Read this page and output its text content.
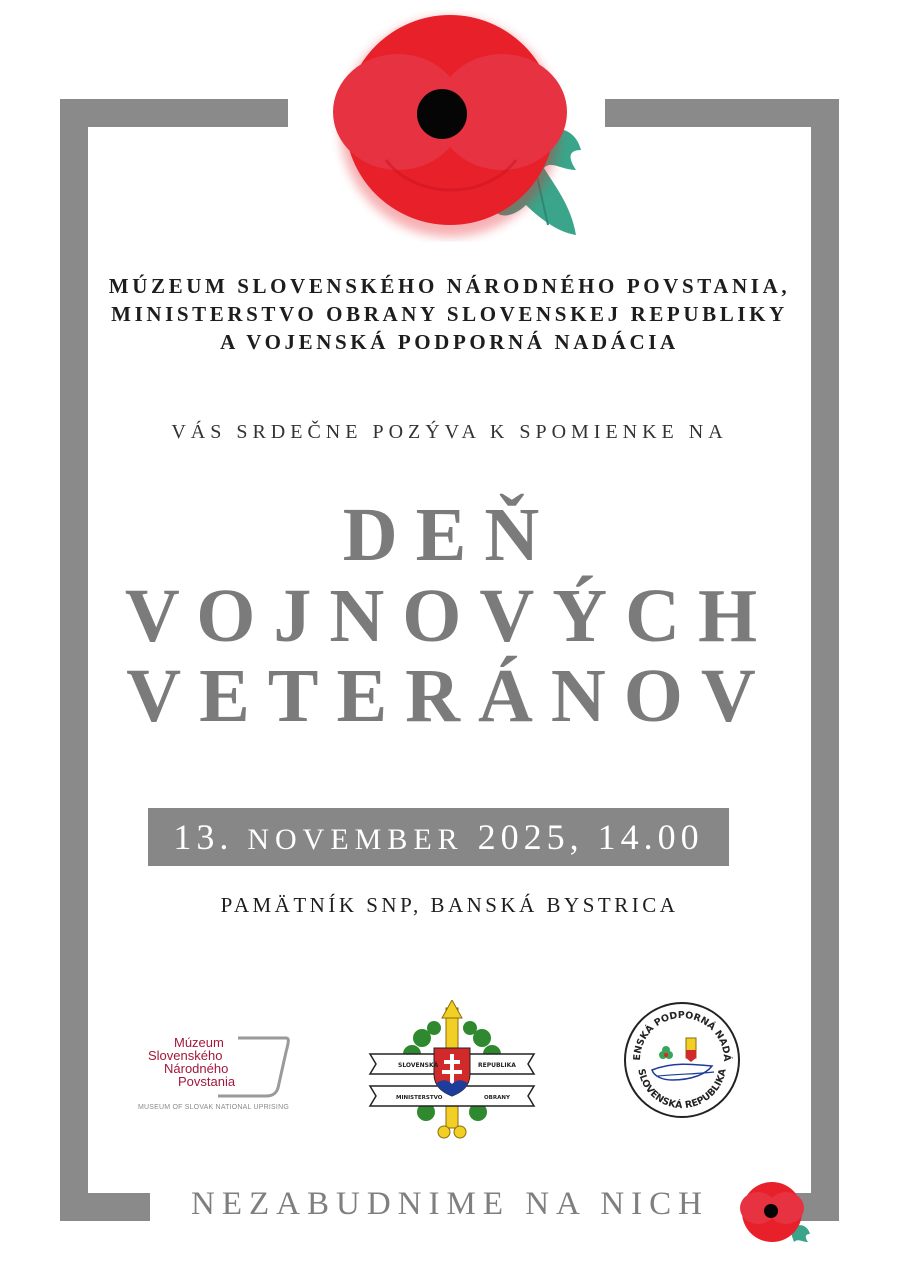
MÚZEUM SLOVENSKÉHO NÁRODNÉHO POVSTANIA,
MINISTERSTVO OBRANY SLOVENSKEJ REPUBLIKY
A VOJENSKÁ PODPORNÁ NADÁCIA
VÁS SRDEČNE POZÝVA K SPOMIENKE NA
DEŇ
VOJNOVÝCH
VETERÁNOV
13. NOVEMBER 2025, 14.00
PAMÄTNÍK SNP, BANSKÁ BYSTRICA
Múzeum
Slovenského
Národného
Povstania
MUSEUM OF SLOVAK NATIONAL UPRISING
SLOVENSKÁ	REPUBLIKA
MINISTERSTVO	OBRANY
ENSKÁ PODPORNÁ NADÁ
SLOVENSKÁ REPUBLIKA
NEZABUDNIME NA NICH
